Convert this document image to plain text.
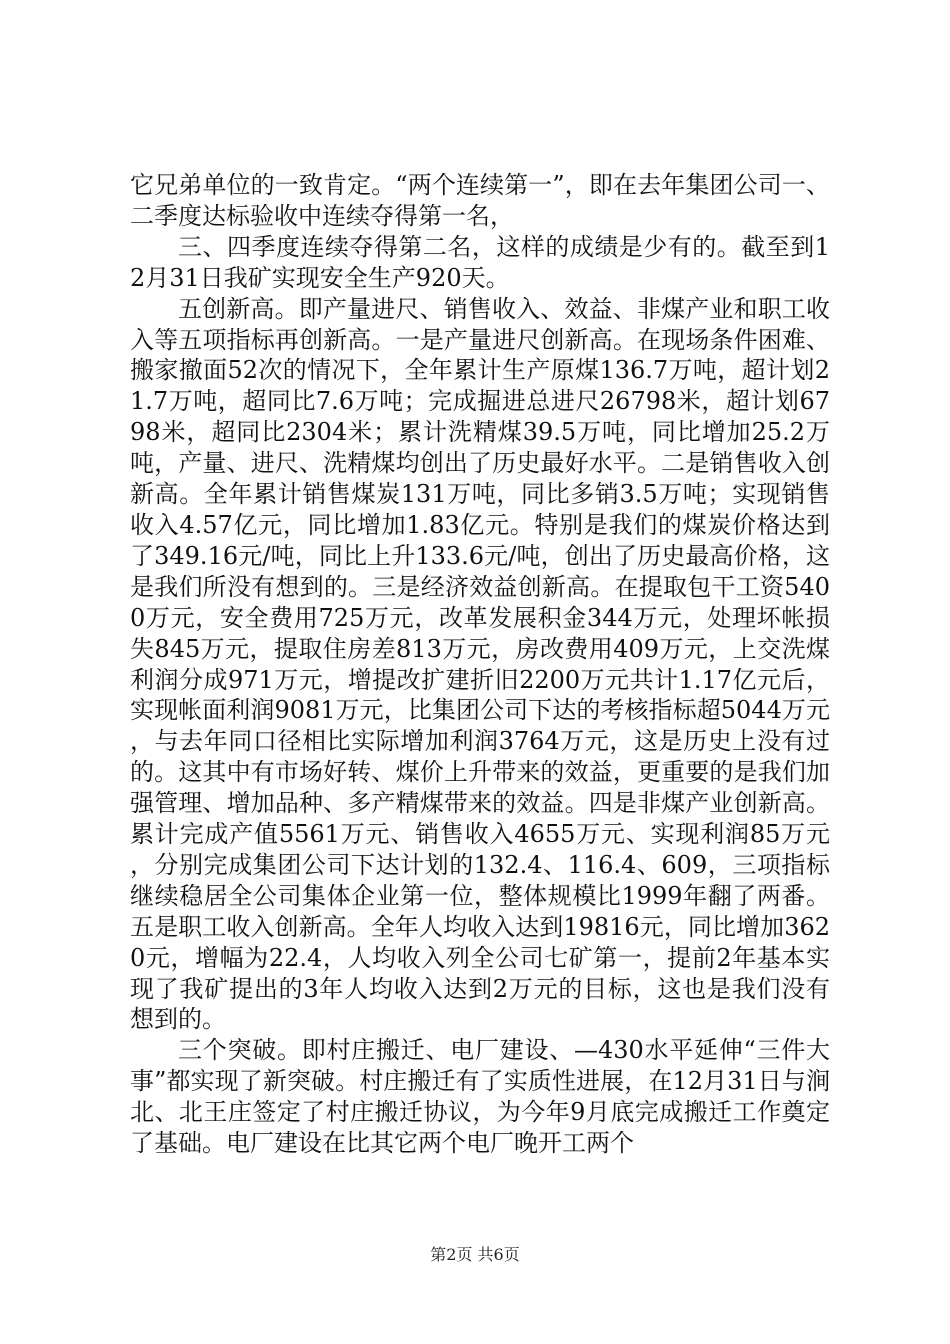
它兄弟单位的一致肯定。“两个连续第一”，即在去年集团公司一、二季度达标验收中连续夺得第一名，

三、四季度连续夺得第二名，这样的成绩是少有的。截至到12月31日我矿实现安全生产920天。

五创新高。即产量进尺、销售收入、效益、非煤产业和职工收入等五项指标再创新高。一是产量进尺创新高。在现场条件困难、搬家撤面52次的情况下，全年累计生产原煤136.7万吨，超计划21.7万吨，超同比7.6万吨；完成掘进总进尺26798米，超计划6798米，超同比2304米；累计洗精煤39.5万吨，同比增加25.2万吨，产量、进尺、洗精煤均创出了历史最好水平。二是销售收入创新高。全年累计销售煤炭131万吨，同比多销3.5万吨；实现销售收入4.57亿元，同比增加1.83亿元。特别是我们的煤炭价格达到了349.16元/吨，同比上升133.6元/吨，创出了历史最高价格，这是我们所没有想到的。三是经济效益创新高。在提取包干工资5400万元，安全费用725万元，改革发展积金344万元，处理坏帐损失845万元，提取住房差813万元，房改费用409万元，上交洗煤利润分成971万元，增提改扩建折旧2200万元共计1.17亿元后，实现帐面利润9081万元，比集团公司下达的考核指标超5044万元，与去年同口径相比实际增加利润3764万元，这是历史上没有过的。这其中有市场好转、煤价上升带来的效益，更重要的是我们加强管理、增加品种、多产精煤带来的效益。四是非煤产业创新高。累计完成产值5561万元、销售收入4655万元、实现利润85万元，分别完成集团公司下达计划的132.4、116.4、609，三项指标继续稳居全公司集体企业第一位，整体规模比1999年翻了两番。五是职工收入创新高。全年人均收入达到19816元，同比增加3620元，增幅为22.4，人均收入列全公司七矿第一，提前2年基本实现了我矿提出的3年人均收入达到2万元的目标，这也是我们没有想到的。

三个突破。即村庄搬迁、电厂建设、—430水平延伸“三件大事”都实现了新突破。村庄搬迁有了实质性进展，在12月31日与涧北、北王庄签定了村庄搬迁协议，为今年9月底完成搬迁工作奠定了基础。电厂建设在比其它两个电厂晚开工两个

第2页 共6页
